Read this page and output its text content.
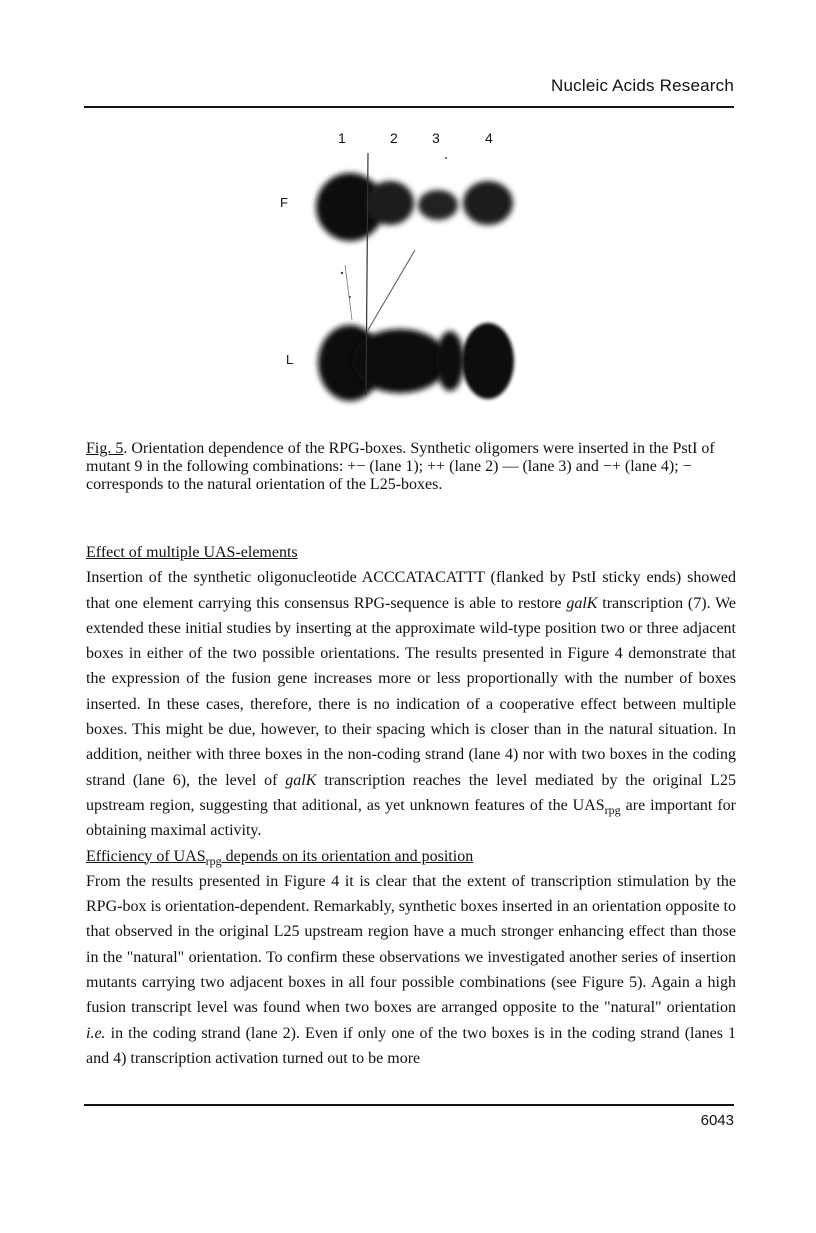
Nucleic Acids Research
1	2 3	4
F
L
Fig. 5. Orientation dependence of the RPG-boxes. Synthetic oligomers were inserted in the PstI of mutant 9 in the following combinations: +− (lane 1); ++ (lane 2) — (lane 3) and −+ (lane 4); − corresponds to the natural orientation of the L25-boxes.
Effect of multiple UAS-elements

Insertion of the synthetic oligonucleotide ACCCATACATTT (flanked by PstI sticky ends) showed that one element carrying this consensus RPG-sequence is able to restore galK transcription (7). We extended these initial studies by inserting at the approximate wild-type position two or three adjacent boxes in either of the two possible orientations. The results presented in Figure 4 demonstrate that the expression of the fusion gene increases more or less proportionally with the number of boxes inserted. In these cases, therefore, there is no indication of a cooperative effect between multiple boxes. This might be due, however, to their spacing which is closer than in the natural situation. In addition, neither with three boxes in the non-coding strand (lane 4) nor with two boxes in the coding strand (lane 6), the level of galK transcription reaches the level mediated by the original L25 upstream region, suggesting that aditional, as yet unknown features of the $UAS_{rpg}$ are important for obtaining maximal activity.

Efficiency of $UAS_{rpg}$ depends on its orientation and position

From the results presented in Figure 4 it is clear that the extent of transcription stimulation by the RPG-box is orientation-dependent. Remarkably, synthetic boxes inserted in an orientation opposite to that observed in the original L25 upstream region have a much stronger enhancing effect than those in the "natural" orientation. To confirm these observations we investigated another series of insertion mutants carrying two adjacent boxes in all four possible combinations (see Figure 5). Again a high fusion transcript level was found when two boxes are arranged opposite to the "natural" orientation i.e. in the coding strand (lane 2). Even if only one of the two boxes is in the coding strand (lanes 1 and 4) transcription activation turned out to be more

6043
